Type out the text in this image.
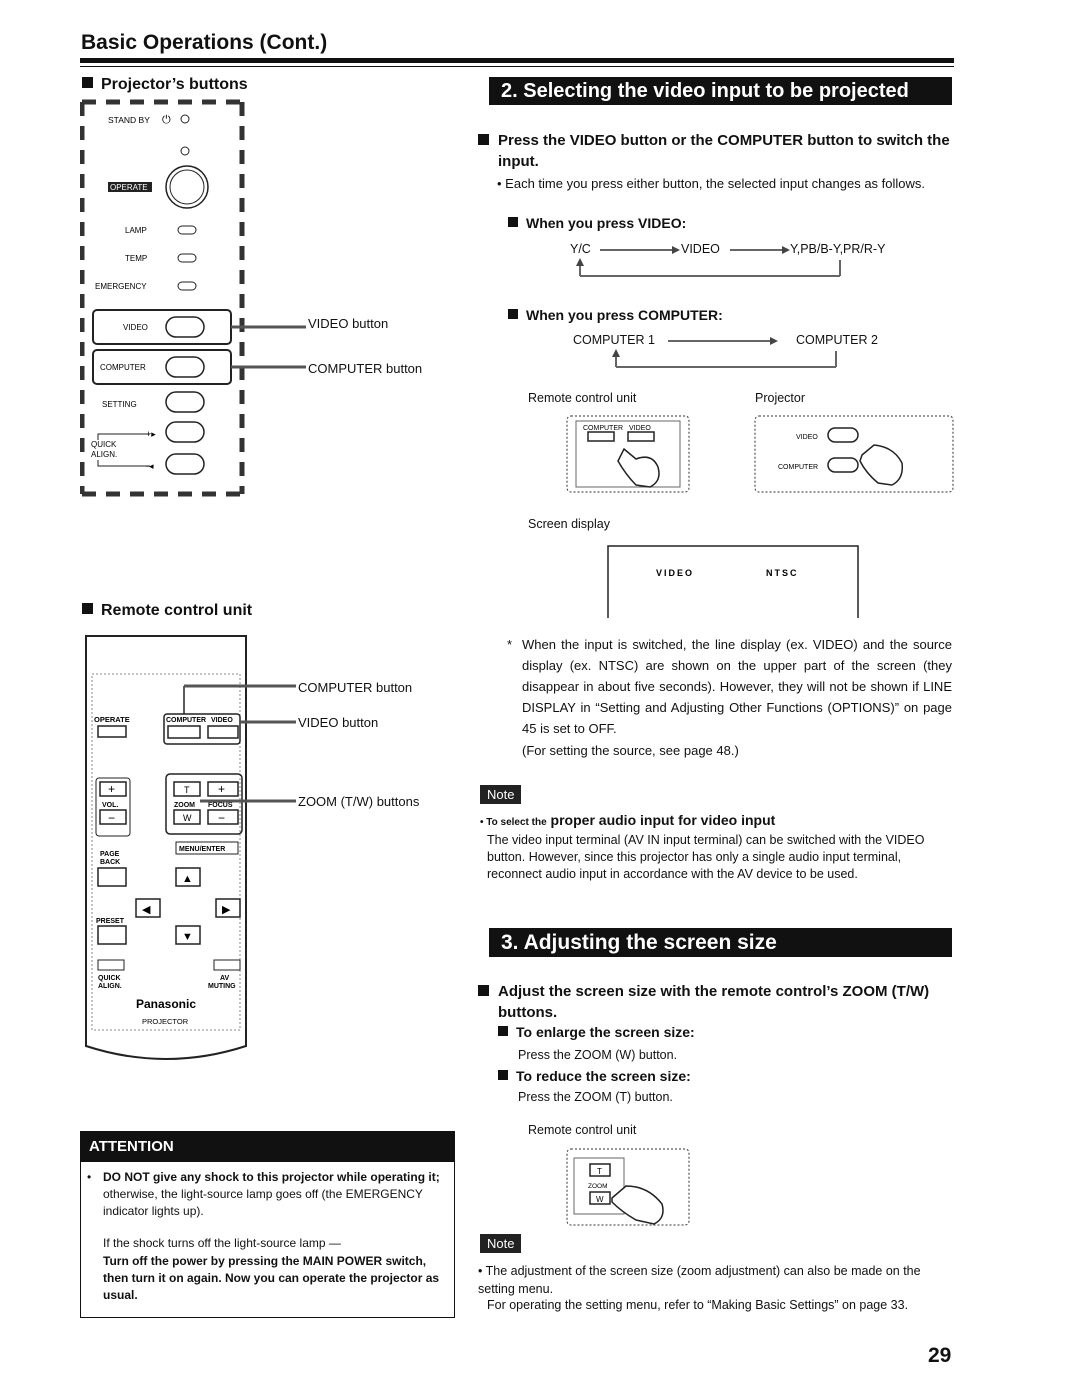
Basic Operations (Cont.)
Projector’s buttons
STAND BY ⏻
OPERATE
LAMP
TEMP
EMERGENCY
VIDEO
COMPUTER
SETTING
QUICK
ALIGN.
+▸
-◂
VIDEO button
COMPUTER button
Remote control unit
OPERATE	COMPUTER VIDEO
+
VOL.
−
T
ZOOM
W
+
FOCUS
−
MENU/ENTER
PAGE
BACK
▲
◀	▶
▼
PRESET
QUICK
ALIGN.
AV
MUTING
Panasonic
PROJECTOR
COMPUTER button
VIDEO button
ZOOM (T/W) buttons
ATTENTION
• DO NOT give any shock to this projector while operating it; otherwise, the light-source lamp goes off (the EMERGENCY indicator lights up).
If the shock turns off the light-source lamp —
Turn off the power by pressing the MAIN POWER switch, then turn it on again. Now you can operate the projector as usual.
2. Selecting the video input to be projected
Press the VIDEO button or the COMPUTER button to switch the input.
• Each time you press either button, the selected input changes as follows.
When you press VIDEO:
Y/C	VIDEO	Y,PB/B-Y,PR/R-Y
When you press COMPUTER:
COMPUTER 1	COMPUTER 2
Remote control unit	Projector
COMPUTER VIDEO
VIDEO
COMPUTER
Screen display
VIDEO	NTSC
* When the input is switched, the line display (ex. VIDEO) and the source display (ex. NTSC) are shown on the upper part of the screen (they disappear in about five seconds). However, they will not be shown if LINE DISPLAY in “Setting and Adjusting Other Functions (OPTIONS)” on page 45 is set to OFF.
(For setting the source, see page 48.)
Note
• To select the proper audio input for video input
The video input terminal (AV IN input terminal) can be switched with the VIDEO button. However, since this projector has only a single audio input terminal, reconnect audio input in accordance with the AV device to be used.
3. Adjusting the screen size
Adjust the screen size with the remote control’s ZOOM (T/W) buttons.
To enlarge the screen size:
Press the ZOOM (W) button.
To reduce the screen size:
Press the ZOOM (T) button.
Remote control unit
T
ZOOM
W
Note
• The adjustment of the screen size (zoom adjustment) can also be made on the setting menu.
For operating the setting menu, refer to “Making Basic Settings” on page 33.
29
